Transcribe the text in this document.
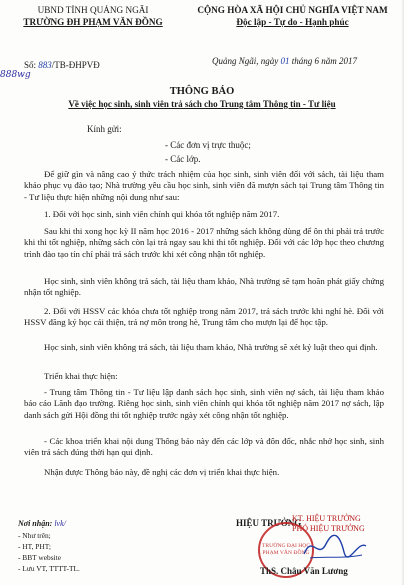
UBND TỈNH QUẢNG NGÃI
TRƯỜNG ĐH PHẠM VĂN ĐỒNG
CỘNG HÒA XÃ HỘI CHỦ NGHĨA VIỆT NAM
Độc lập - Tự do - Hạnh phúc
888wg
Số: 883/TB-ĐHPVĐ	Quảng Ngãi, ngày 01 tháng 6 năm 2017
THÔNG BÁO
Về việc học sinh, sinh viên trả sách cho Trung tâm Thông tin - Tư liệu
Kính gửi:
- Các đơn vị trực thuộc;
- Các lớp.
Để giữ gìn và nâng cao ý thức trách nhiệm của học sinh, sinh viên đối với sách, tài liệu tham khảo phục vụ đào tạo; Nhà trường yêu cầu học sinh, sinh viên đã mượn sách tại Trung tâm Thông tin - Tư liệu thực hiện những nội dung như sau:
1. Đối với học sinh, sinh viên chính qui khóa tốt nghiệp năm 2017.
Sau khi thi xong học kỳ II năm học 2016 - 2017 những sách không dùng để ôn thi phải trả trước khi thi tốt nghiệp, những sách còn lại trả ngay sau khi thi tốt nghiệp. Đối với các lớp học theo chương trình đào tạo tín chỉ phải trả sách trước khi xét công nhận tốt nghiệp.
Học sinh, sinh viên không trả sách, tài liệu tham khảo, Nhà trường sẽ tạm hoãn phát giấy chứng nhận tốt nghiệp.
2. Đối với HSSV các khóa chưa tốt nghiệp trong năm 2017, trả sách trước khi nghỉ hè. Đối với HSSV đăng ký học cải thiện, trả nợ môn trong hè, Trung tâm cho mượn lại để học tập.
Học sinh, sinh viên không trả sách, tài liệu tham khảo, Nhà trường sẽ xét kỷ luật theo qui định.
Triển khai thực hiện:
- Trung tâm Thông tin - Tư liệu lập danh sách học sinh, sinh viên nợ sách, tài liệu tham khảo báo cáo Lãnh đạo trường. Riêng học sinh, sinh viên chính qui khóa tốt nghiệp năm 2017 nợ sách, lập danh sách gửi Hội đồng thi tốt nghiệp trước ngày xét công nhận tốt nghiệp.
- Các khoa triển khai nội dung Thông báo này đến các lớp và đôn đốc, nhắc nhở học sinh, sinh viên trả sách đúng thời hạn qui định.
Nhận được Thông báo này, đề nghị các đơn vị triển khai thực hiện.
Nơi nhận: lvk/
- Như trên;
- HT, PHT;
- BBT website
- Lưu VT, TTTT-TL.
HIỆU TRƯỞNG
KT. HIỆU TRƯỞNG
PHÓ HIỆU TRƯỞNG
TRƯỜNG ĐẠI HỌC PHẠM VĂN ĐỒNG
ThS. Châu Văn Lương
